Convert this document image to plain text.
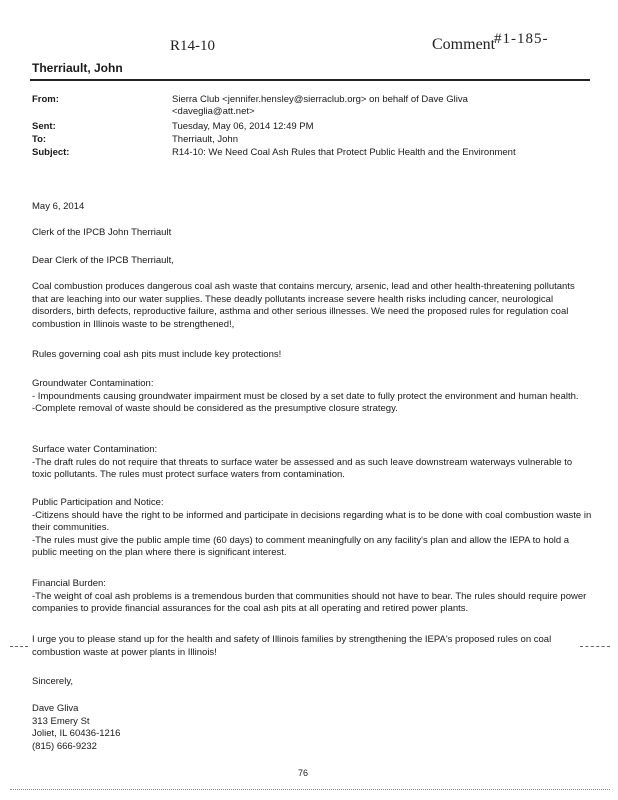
R14-10	Comment
#1-185-
Therriault, John
From:	Sierra Club <jennifer.hensley@sierraclub.org> on behalf of Dave Gliva
<daveglia@att.net>
Sent:	Tuesday, May 06, 2014 12:49 PM
To:	Therriault, John
Subject:	R14-10: We Need Coal Ash Rules that Protect Public Health and the Environment
May 6, 2014
Clerk of the IPCB John Therriault
Dear Clerk of the IPCB Therriault,
Coal combustion produces dangerous coal ash waste that contains mercury, arsenic, lead and other health-threatening pollutants that are leaching into our water supplies. These deadly pollutants increase severe health risks including cancer, neurological disorders, birth defects, reproductive failure, asthma and other serious illnesses. We need the proposed rules for regulation coal combustion in Illinois waste to be strengthened!,
Rules governing coal ash pits must include key protections!

Groundwater Contamination:

- Impoundments causing groundwater impairment must be closed by a set date to fully protect the environment and human health.

-Complete removal of waste should be considered as the presumptive closure strategy.

Surface water Contamination:

-The draft rules do not require that threats to surface water be assessed and as such leave downstream waterways vulnerable to toxic pollutants. The rules must protect surface waters from contamination.

Public Participation and Notice:

-Citizens should have the right to be informed and participate in decisions regarding what is to be done with coal combustion waste in their communities.

-The rules must give the public ample time (60 days) to comment meaningfully on any facility's plan and allow the IEPA to hold a public meeting on the plan where there is significant interest.

Financial Burden:

-The weight of coal ash problems is a tremendous burden that communities should not have to bear. The rules should require power companies to provide financial assurances for the coal ash pits at all operating and retired power plants.

I urge you to please stand up for the health and safety of Illinois families by strengthening the IEPA's proposed rules on coal combustion waste at power plants in Illinois!
Sincerely,

Dave Gliva

313 Emery St

Joliet, IL 60436-1216

(815) 666-9232

76
